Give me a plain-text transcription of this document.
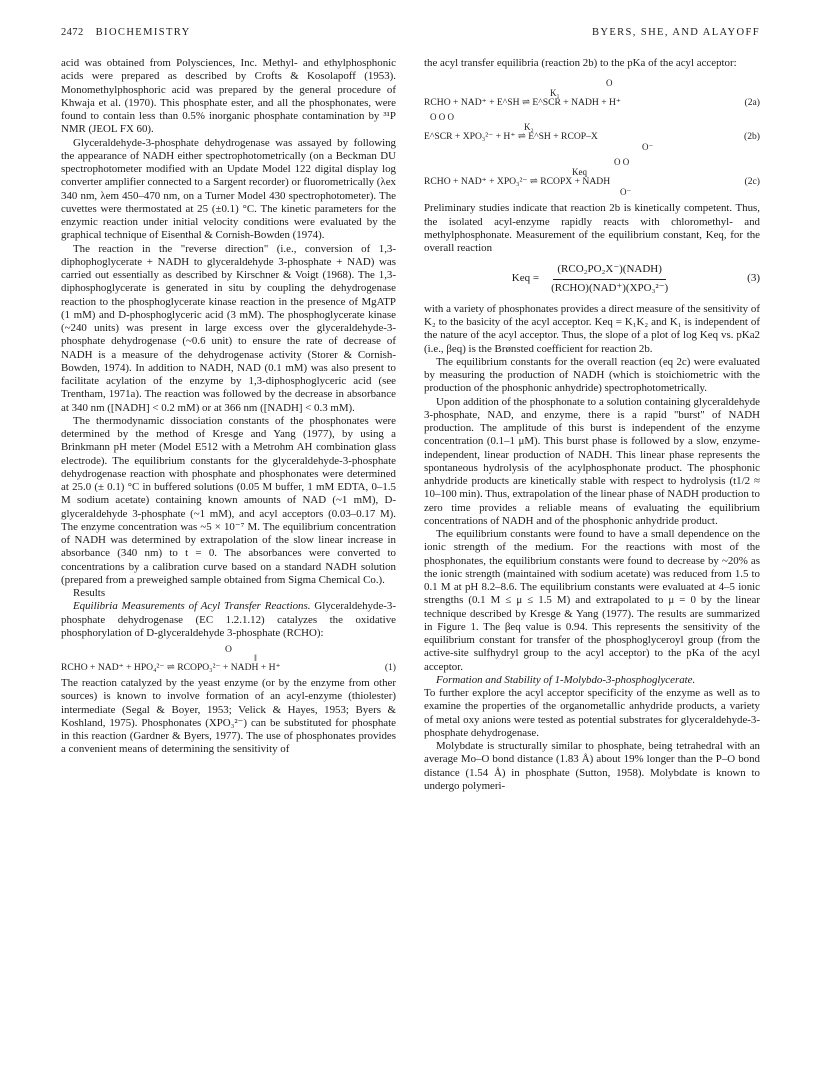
2472 BIOCHEMISTRY	BYERS, SHE, AND ALAYOFF

acid was obtained from Polysciences, Inc. Methyl- and ethylphosphonic acids were prepared as described by Crofts & Kosolapoff (1953). Monomethylphosphoric acid was prepared by the general procedure of Khwaja et al. (1970). This phosphate ester, and all the phosphonates, were found to contain less than 0.5% inorganic phosphate contamination by ³¹P NMR (JEOL FX 60).

Glyceraldehyde-3-phosphate dehydrogenase was assayed by following the appearance of NADH either spectrophotometrically (on a Beckman DU spectrophotometer modified with an Update Model 122 digital display log converter amplifier connected to a Sargent recorder) or fluorometrically (λex 340 nm, λem 450–470 nm, on a Turner Model 430 spectrophotometer). The cuvettes were thermostated at 25 (±0.1) °C. The kinetic parameters for the enzymic reaction under initial velocity conditions were evaluated by the graphical technique of Eisenthal & Cornish-Bowden (1974).

The reaction in the "reverse direction" (i.e., conversion of 1,3-diphophoglycerate + NADH to glyceraldehyde 3-phosphate + NAD) was carried out essentially as described by Kirschner & Voigt (1968). The 1,3-diphosphoglycerate is generated in situ by coupling the dehydrogenase reaction to the phosphoglycerate kinase reaction in the presence of MgATP (1 mM) and D-phosphoglyceric acid (3 mM). The phosphoglycerate kinase (~240 units) was present in large excess over the glyceraldehyde-3-phosphate dehydrogenase (~0.6 unit) to ensure the rate of decrease of NADH is a measure of the dehydrogenase activity (Storer & Cornish-Bowden, 1974). In addition to NADH, NAD (0.1 mM) was also present to facilitate acylation of the enzyme by 1,3-diphosphoglyceric acid (see Trentham, 1971a). The reaction was followed by the decrease in absorbance at 340 nm ([NADH] < 0.2 mM) or at 366 nm ([NADH] < 0.3 mM).

The thermodynamic dissociation constants of the phosphonates were determined by the method of Kresge and Yang (1977), by using a Brinkmann pH meter (Model E512 with a Metrohm AH combination glass electrode). The equilibrium constants for the glyceraldehyde-3-phosphate dehydrogenase reaction with phosphate and phosphonates were determined at 25.0 (± 0.1) °C in buffered solutions (0.05 M buffer, 1 mM EDTA, 0–1.5 M sodium acetate) containing known amounts of NAD (~1 mM), D-glyceraldehyde 3-phosphate (~1 mM), and acyl acceptors (0.03–0.17 M). The enzyme concentration was ~5 × 10⁻⁷ M. The equilibrium concentration of NADH was determined by extrapolation of the slow linear increase in absorbance (340 nm) to t = 0. The absorbances were converted to concentrations by a calibration curve based on a standard NADH solution (prepared from a preweighed sample obtained from Sigma Chemical Co.).

Results

Equilibria Measurements of Acyl Transfer Reactions. Glyceraldehyde-3-phosphate dehydrogenase (EC 1.2.1.12) catalyzes the oxidative phosphorylation of D-glyceraldehyde 3-phosphate (RCHO):

O
‖
RCHO + NAD⁺ + HPO₄²⁻ ⇌ RCOPO₃²⁻ + NADH + H⁺	(1)

The reaction catalyzed by the yeast enzyme (or by the enzyme from other sources) is known to involve formation of an acyl-enzyme (thiolester) intermediate (Segal & Boyer, 1953; Velick & Hayes, 1953; Byers & Koshland, 1975). Phosphonates (XPO₃²⁻) can be substituted for phosphate in this reaction (Gardner & Byers, 1977). The use of phosphonates provides a convenient means of determining the sensitivity of

the acyl transfer equilibria (reaction 2b) to the pKa of the acyl acceptor:

O
K₁
RCHO + NAD⁺ + E^SH ⇌ E^SCR + NADH + H⁺	(2a)
O O O
K₂
E^SCR + XPO₃²⁻ + H⁺ ⇌ E^SH + RCOP–X	(2b)
O⁻
O O
Keq
RCHO + NAD⁺ + XPO₃²⁻ ⇌ RCOPX + NADH	(2c)
O⁻

Preliminary studies indicate that reaction 2b is kinetically competent. Thus, the isolated acyl-enzyme rapidly reacts with chloromethyl- and methylphosphonate. Measurement of the equilibrium constant, Keq, for the overall reaction

Keq = $\frac{\text{(RCO₂PO₂X⁻)(NADH)}}{\text{(RCHO)(NAD⁺)(XPO₃²⁻)}}$	(3)

with a variety of phosphonates provides a direct measure of the sensitivity of K₂ to the basicity of the acyl acceptor. Keq = K₁K₂ and K₁ is independent of the nature of the acyl acceptor. Thus, the slope of a plot of log Keq vs. pKa2 (i.e., βeq) is the Brønsted coefficient for reaction 2b.

The equilibrium constants for the overall reaction (eq 2c) were evaluated by measuring the production of NADH (which is stoichiometric with the production of the phosphonic anhydride) spectrophotometrically.

Upon addition of the phosphonate to a solution containing glyceraldehyde 3-phosphate, NAD, and enzyme, there is a rapid "burst" of NADH production. The amplitude of this burst is independent of the enzyme concentration (0.1–1 μM). This burst phase is followed by a slow, enzyme-independent, linear production of NADH. This linear phase represents the spontaneous hydrolysis of the acylphosphonate product. The phosphonic anhydride products are kinetically stable with respect to hydrolysis (t1/2 ≈ 10–100 min). Thus, extrapolation of the linear phase of NADH production to zero time provides a reliable means of evaluating the equilibrium concentrations of NADH and of the phosphonic anhydride product.

The equilibrium constants were found to have a small dependence on the ionic strength of the medium. For the reactions with most of the phosphonates, the equilibrium constants were found to decrease by ~20% as the ionic strength (maintained with sodium acetate) was reduced from 1.5 to 0.1 M at pH 8.2–8.6. The equilibrium constants were evaluated at 4–5 ionic strengths (0.1 M ≤ μ ≤ 1.5 M) and extrapolated to μ = 0 by the linear technique described by Kresge & Yang (1977). The results are summarized in Figure 1. The βeq value is 0.94. This represents the sensitivity of the equilibrium constant for transfer of the phosphoglyceroyl group (from the active-site sulfhydryl group to the acyl acceptor) to the pKa of the acyl acceptor.

Formation and Stability of 1-Molybdo-3-phosphoglycerate.

To further explore the acyl acceptor specificity of the enzyme as well as to examine the properties of the organometallic anhydride products, a variety of metal oxy anions were tested as potential substrates for glyceraldehyde-3-phosphate dehydrogenase.

Molybdate is structurally similar to phosphate, being tetrahedral with an average Mo–O bond distance (1.83 Å) about 19% longer than the P–O bond distance (1.54 Å) in phosphate (Sutton, 1958). Molybdate is known to undergo polymeri-
